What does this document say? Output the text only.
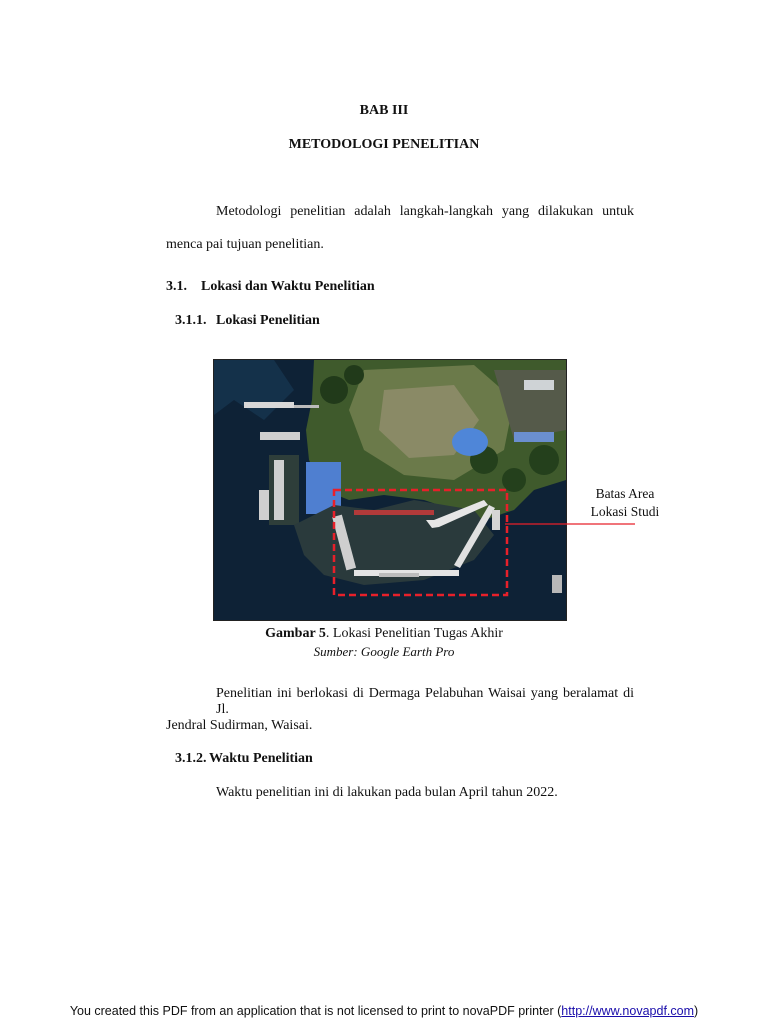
BAB III
METODOLOGI PENELITIAN
Metodologi penelitian adalah langkah-langkah yang dilakukan untuk
menca pai tujuan penelitian.
3.1. Lokasi dan Waktu Penelitian
3.1.1. Lokasi Penelitian
Batas Area
Lokasi Studi
Gambar 5. Lokasi Penelitian Tugas Akhir
Sumber: Google Earth Pro
Penelitian ini berlokasi di Dermaga Pelabuhan Waisai yang beralamat di Jl.
Jendral Sudirman, Waisai.
3.1.2. Waktu Penelitian
Waktu penelitian ini di lakukan pada bulan April tahun 2022.
You created this PDF from an application that is not licensed to print to novaPDF printer (http://www.novapdf.com)
